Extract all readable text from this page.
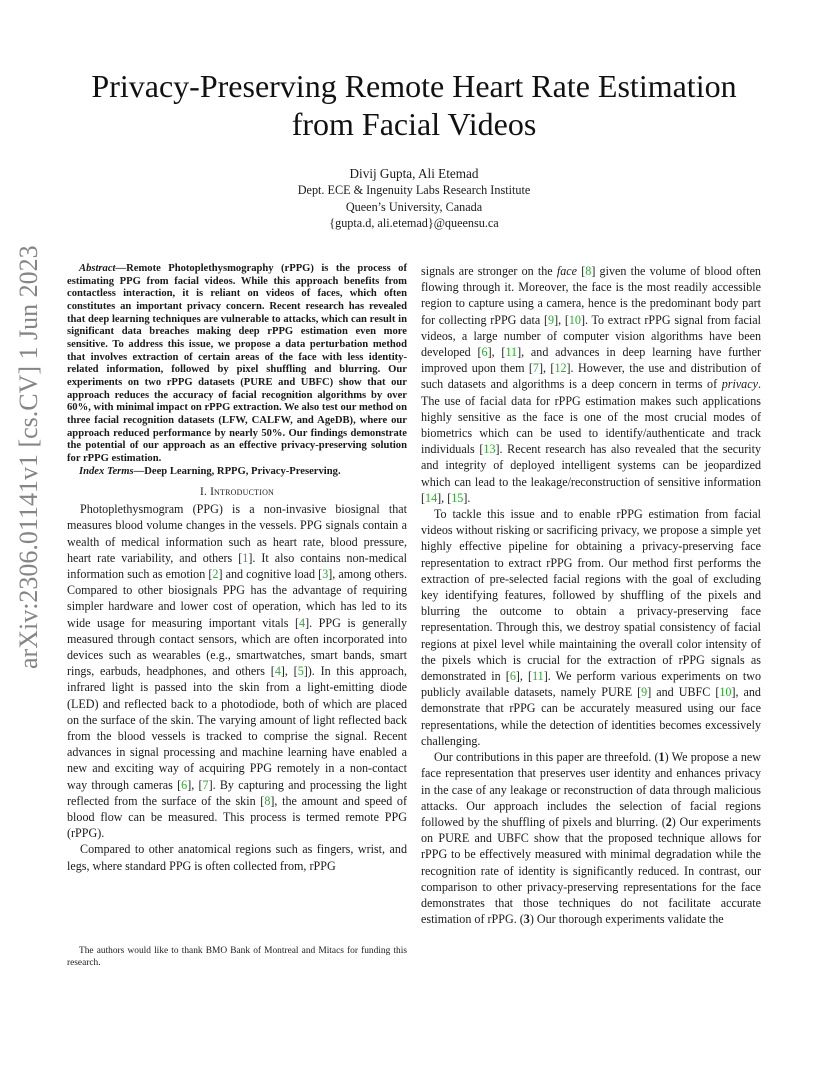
arXiv:2306.01141v1 [cs.CV] 1 Jun 2023
Privacy-Preserving Remote Heart Rate Estimation
from Facial Videos
Divij Gupta, Ali Etemad
Dept. ECE & Ingenuity Labs Research Institute
Queen’s University, Canada
{gupta.d, ali.etemad}@queensu.ca

Abstract—Remote Photoplethysmography (rPPG) is the process of estimating PPG from facial videos. While this approach benefits from contactless interaction, it is reliant on videos of faces, which often constitutes an important privacy concern. Recent research has revealed that deep learning techniques are vulnerable to attacks, which can result in significant data breaches making deep rPPG estimation even more sensitive. To address this issue, we propose a data perturbation method that involves extraction of certain areas of the face with less identity-related information, followed by pixel shuffling and blurring. Our experiments on two rPPG datasets (PURE and UBFC) show that our approach reduces the accuracy of facial recognition algorithms by over 60%, with minimal impact on rPPG extraction. We also test our method on three facial recognition datasets (LFW, CALFW, and AgeDB), where our approach reduced performance by nearly 50%. Our findings demonstrate the potential of our approach as an effective privacy-preserving solution for rPPG estimation.

Index Terms—Deep Learning, RPPG, Privacy-Preserving.

I. Introduction

Photoplethysmogram (PPG) is a non-invasive biosignal that measures blood volume changes in the vessels. PPG signals contain a wealth of medical information such as heart rate, blood pressure, heart rate variability, and others [1]. It also contains non-medical information such as emotion [2] and cognitive load [3], among others. Compared to other biosignals PPG has the advantage of requiring simpler hardware and lower cost of operation, which has led to its wide usage for measuring important vitals [4]. PPG is generally measured through contact sensors, which are often incorporated into devices such as wearables (e.g., smartwatches, smart bands, smart rings, earbuds, headphones, and others [4], [5]). In this approach, infrared light is passed into the skin from a light-emitting diode (LED) and reflected back to a photodiode, both of which are placed on the surface of the skin. The varying amount of light reflected back from the blood vessels is tracked to comprise the signal. Recent advances in signal processing and machine learning have enabled a new and exciting way of acquiring PPG remotely in a non-contact way through cameras [6], [7]. By capturing and processing the light reflected from the surface of the skin [8], the amount and speed of blood flow can be measured. This process is termed remote PPG (rPPG).

Compared to other anatomical regions such as fingers, wrist, and legs, where standard PPG is often collected from, rPPG

The authors would like to thank BMO Bank of Montreal and Mitacs for funding this research.

signals are stronger on the face [8] given the volume of blood often flowing through it. Moreover, the face is the most readily accessible region to capture using a camera, hence is the predominant body part for collecting rPPG data [9], [10]. To extract rPPG signal from facial videos, a large number of computer vision algorithms have been developed [6], [11], and advances in deep learning have further improved upon them [7], [12]. However, the use and distribution of such datasets and algorithms is a deep concern in terms of privacy. The use of facial data for rPPG estimation makes such applications highly sensitive as the face is one of the most crucial modes of biometrics which can be used to identify/authenticate and track individuals [13]. Recent research has also revealed that the security and integrity of deployed intelligent systems can be jeopardized which can lead to the leakage/reconstruction of sensitive information [14], [15].

To tackle this issue and to enable rPPG estimation from facial videos without risking or sacrificing privacy, we propose a simple yet highly effective pipeline for obtaining a privacy-preserving face representation to extract rPPG from. Our method first performs the extraction of pre-selected facial regions with the goal of excluding key identifying features, followed by shuffling of the pixels and blurring the outcome to obtain a privacy-preserving face representation. Through this, we destroy spatial consistency of facial regions at pixel level while maintaining the overall color intensity of the pixels which is crucial for the extraction of rPPG signals as demonstrated in [6], [11]. We perform various experiments on two publicly available datasets, namely PURE [9] and UBFC [10], and demonstrate that rPPG can be accurately measured using our face representations, while the detection of identities becomes excessively challenging.

Our contributions in this paper are threefold. (1) We propose a new face representation that preserves user identity and enhances privacy in the case of any leakage or reconstruction of data through malicious attacks. Our approach includes the selection of facial regions followed by the shuffling of pixels and blurring. (2) Our experiments on PURE and UBFC show that the proposed technique allows for rPPG to be effectively measured with minimal degradation while the recognition rate of identity is significantly reduced. In contrast, our comparison to other privacy-preserving representations for the face demonstrates that those techniques do not facilitate accurate estimation of rPPG. (3) Our thorough experiments validate the
